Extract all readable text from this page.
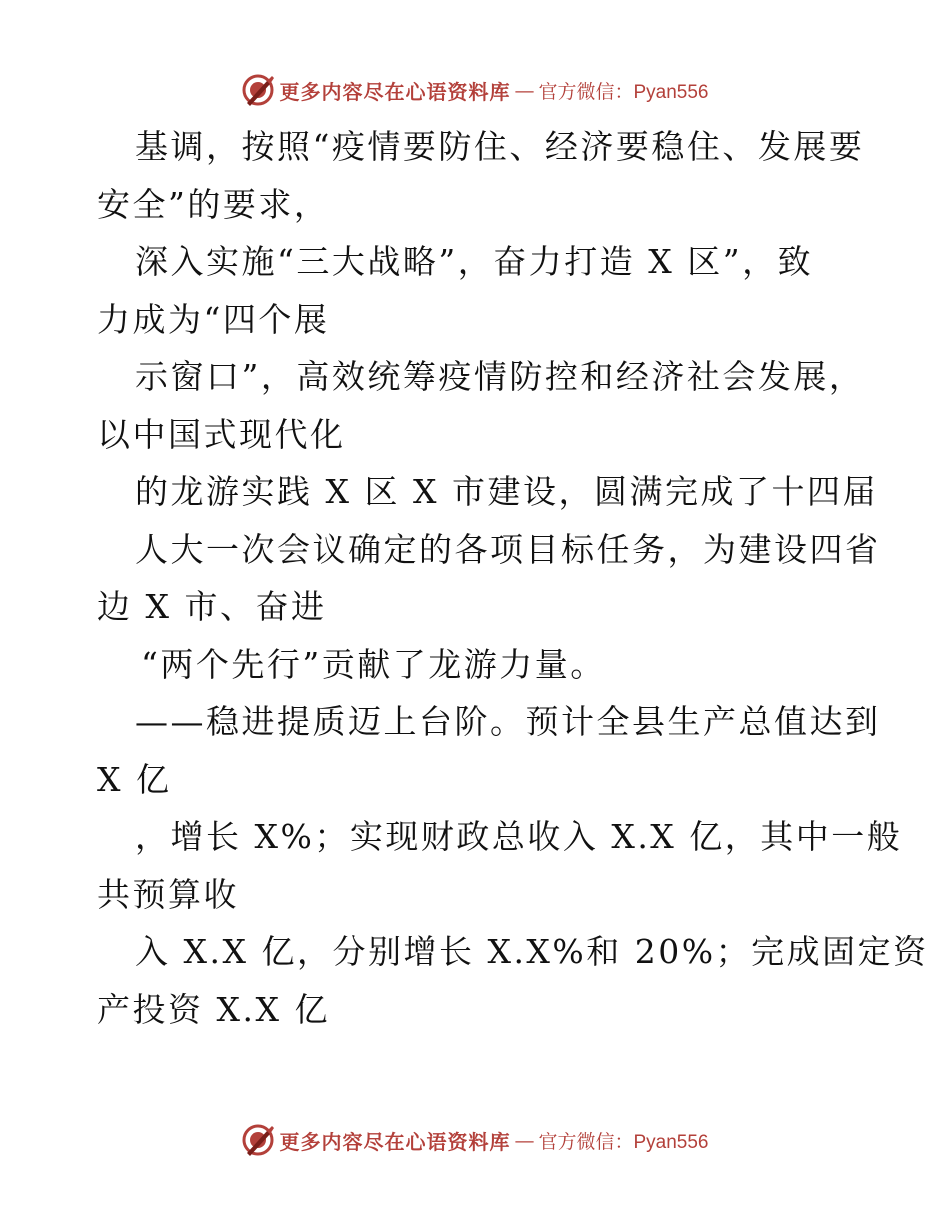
更多内容尽在心语资料库 — 官方微信：Pyan556
基调，按照“疫情要防住、经济要稳住、发展要
安全”的要求，
深入实施“三大战略”，奋力打造 X 区”，致
力成为“四个展
示窗口”，高效统筹疫情防控和经济社会发展，
以中国式现代化
的龙游实践 X 区 X 市建设，圆满完成了十四届
人大一次会议确定的各项目标任务，为建设四省
边 X 市、奋进
“两个先行”贡献了龙游力量。
——稳进提质迈上台阶。预计全县生产总值达到
X 亿
，增长 X%；实现财政总收入 X.X 亿，其中一般
共预算收
入 X.X 亿，分别增长 X.X%和 20%；完成固定资
产投资 X.X 亿
更多内容尽在心语资料库 — 官方微信：Pyan556
